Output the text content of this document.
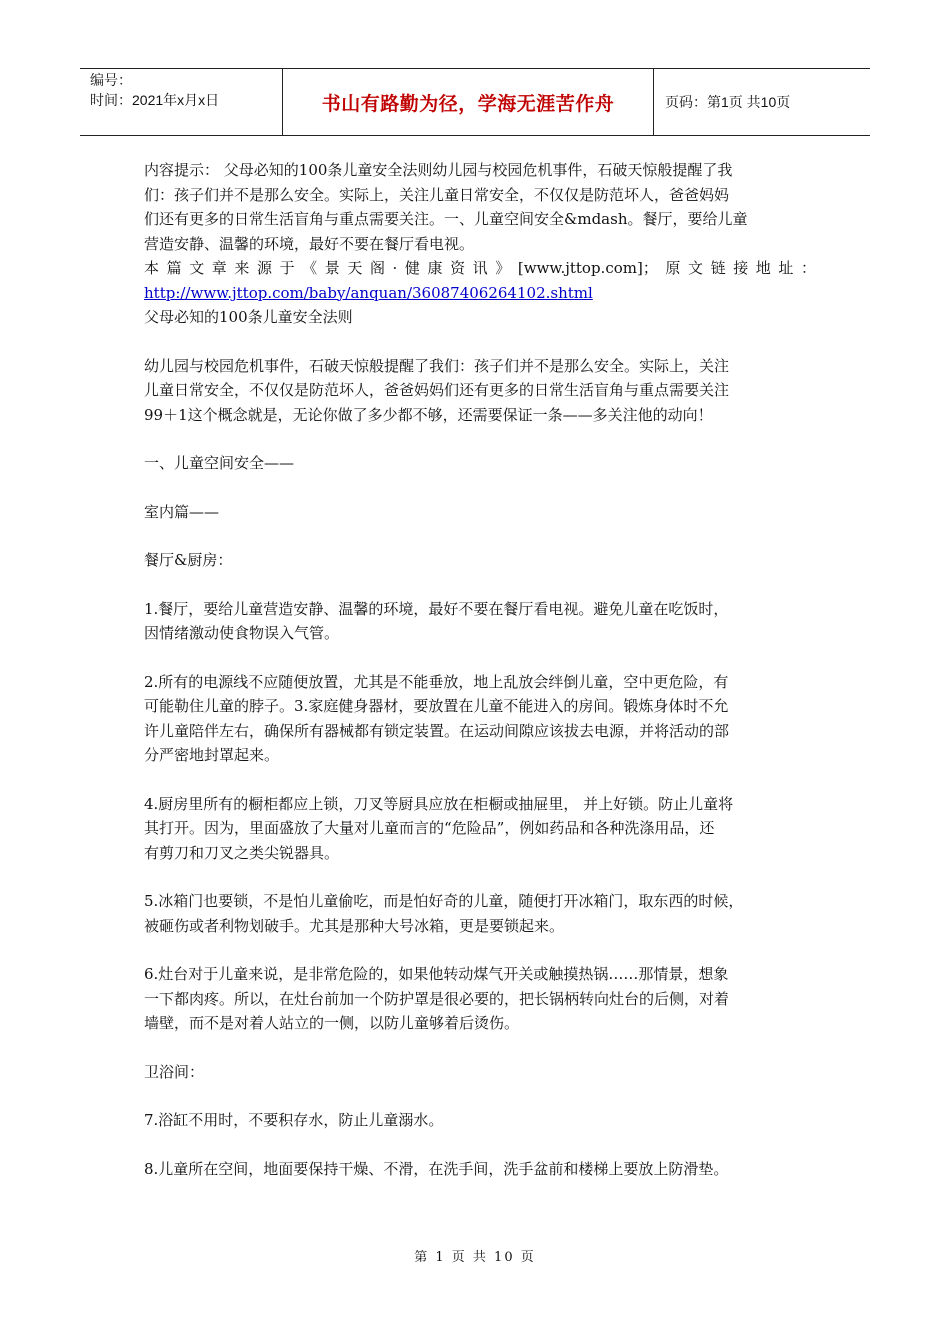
编号：
时间：2021年x月x日	书山有路勤为径，学海无涯苦作舟	页码：第1页 共10页
内容提示： 父母必知的100条儿童安全法则幼儿园与校园危机事件，石破天惊般提醒了我
们：孩子们并不是那么安全。实际上，关注儿童日常安全，不仅仅是防范坏人，爸爸妈妈
们还有更多的日常生活盲角与重点需要关注。一、儿童空间安全&mdash。餐厅，要给儿童
营造安静、温馨的环境，最好不要在餐厅看电视。
本篇文章来源于《景天阁·健康资讯》[www.jttop.com]；原文链接地址：
http://www.jttop.com/baby/anquan/36087406264102.shtml
父母必知的100条儿童安全法则
幼儿园与校园危机事件，石破天惊般提醒了我们：孩子们并不是那么安全。实际上，关注
儿童日常安全，不仅仅是防范坏人，爸爸妈妈们还有更多的日常生活盲角与重点需要关注
99＋1这个概念就是，无论你做了多少都不够，还需要保证一条——多关注他的动向！
一、儿童空间安全——
室内篇——
餐厅&厨房：
1.餐厅，要给儿童营造安静、温馨的环境，最好不要在餐厅看电视。避免儿童在吃饭时，
因情绪激动使食物误入气管。
2.所有的电源线不应随便放置，尤其是不能垂放，地上乱放会绊倒儿童，空中更危险，有
可能勒住儿童的脖子。3.家庭健身器材，要放置在儿童不能进入的房间。锻炼身体时不允
许儿童陪伴左右，确保所有器械都有锁定装置。在运动间隙应该拔去电源，并将活动的部
分严密地封罩起来。
4.厨房里所有的橱柜都应上锁，刀叉等厨具应放在柜橱或抽屉里， 并上好锁。防止儿童将
其打开。因为，里面盛放了大量对儿童而言的“危险品”，例如药品和各种洗涤用品，还
有剪刀和刀叉之类尖锐器具。
5.冰箱门也要锁，不是怕儿童偷吃，而是怕好奇的儿童，随便打开冰箱门，取东西的时候，
被砸伤或者利物划破手。尤其是那种大号冰箱，更是要锁起来。
6.灶台对于儿童来说，是非常危险的，如果他转动煤气开关或触摸热锅……那情景，想象
一下都肉疼。所以，在灶台前加一个防护罩是很必要的，把长锅柄转向灶台的后侧，对着
墙壁，而不是对着人站立的一侧，以防儿童够着后烫伤。
卫浴间：
7.浴缸不用时，不要积存水，防止儿童溺水。
8.儿童所在空间，地面要保持干燥、不滑，在洗手间，洗手盆前和楼梯上要放上防滑垫。
第 1 页 共 10 页
